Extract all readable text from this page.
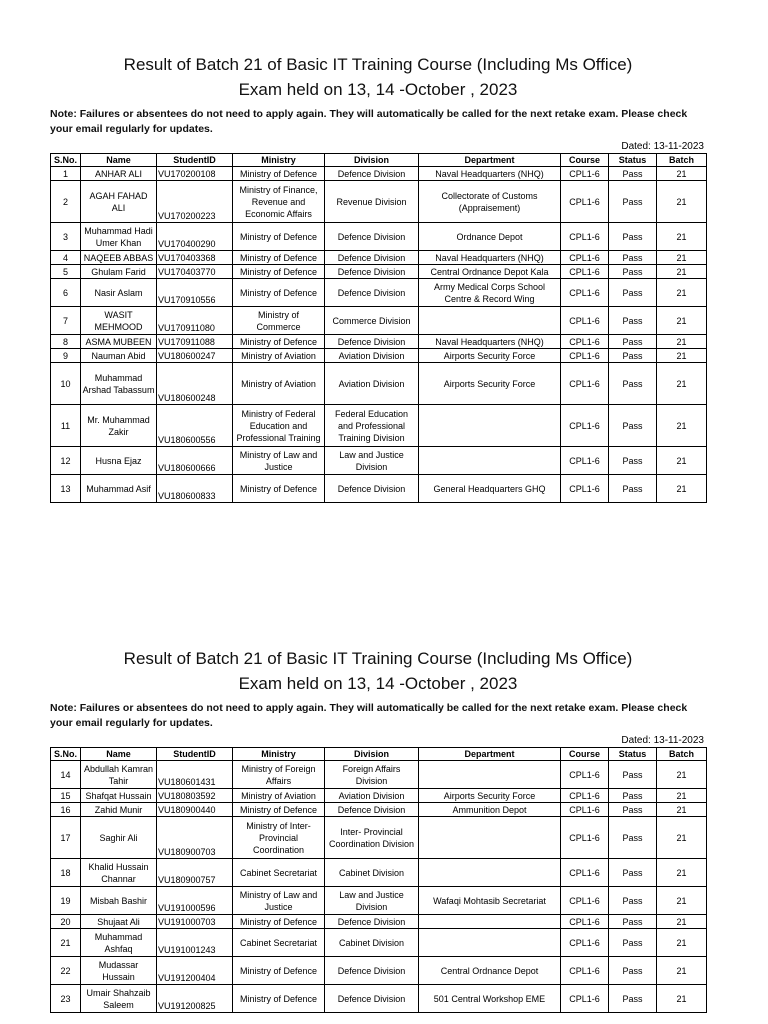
Result of Batch 21 of Basic IT Training Course (Including Ms Office)
Exam held on 13, 14 -October , 2023
Note: Failures or absentees do not need to apply again. They will automatically be called for the next retake exam. Please check your email regularly for updates.
Dated: 13-11-2023
S.No.	Name	StudentID	Ministry	Division	Department	Course	Status	Batch
1	ANHAR ALI	VU170200108	Ministry of Defence	Defence Division	Naval Headquarters (NHQ)	CPL1-6	Pass	21
2	AGAH FAHAD ALI	VU170200223	Ministry of Finance, Revenue and Economic Affairs	Revenue Division	Collectorate of Customs (Appraisement)	CPL1-6	Pass	21
3	Muhammad Hadi Umer Khan	VU170400290	Ministry of Defence	Defence Division	Ordnance Depot	CPL1-6	Pass	21
4	NAQEEB ABBAS	VU170403368	Ministry of Defence	Defence Division	Naval Headquarters (NHQ)	CPL1-6	Pass	21
5	Ghulam Farid	VU170403770	Ministry of Defence	Defence Division	Central Ordnance Depot Kala	CPL1-6	Pass	21
6	Nasir Aslam	VU170910556	Ministry of Defence	Defence Division	Army Medical Corps School Centre & Record Wing	CPL1-6	Pass	21
7	WASIT MEHMOOD	VU170911080	Ministry of Commerce	Commerce Division		CPL1-6	Pass	21
8	ASMA MUBEEN	VU170911088	Ministry of Defence	Defence Division	Naval Headquarters (NHQ)	CPL1-6	Pass	21
9	Nauman Abid	VU180600247	Ministry of Aviation	Aviation Division	Airports Security Force	CPL1-6	Pass	21
10	Muhammad Arshad Tabassum	VU180600248	Ministry of Aviation	Aviation Division	Airports Security Force	CPL1-6	Pass	21
11	Mr. Muhammad Zakir	VU180600556	Ministry of Federal Education and Professional Training	Federal Education and Professional Training Division		CPL1-6	Pass	21
12	Husna Ejaz	VU180600666	Ministry of Law and Justice	Law and Justice Division		CPL1-6	Pass	21
13	Muhammad Asif	VU180600833	Ministry of Defence	Defence Division	General Headquarters GHQ	CPL1-6	Pass	21
Result of Batch 21 of Basic IT Training Course (Including Ms Office)
Exam held on 13, 14 -October , 2023
Note: Failures or absentees do not need to apply again. They will automatically be called for the next retake exam. Please check your email regularly for updates.
Dated: 13-11-2023
S.No.	Name	StudentID	Ministry	Division	Department	Course	Status	Batch
14	Abdullah Kamran Tahir	VU180601431	Ministry of Foreign Affairs	Foreign Affairs Division		CPL1-6	Pass	21
15	Shafqat Hussain	VU180803592	Ministry of Aviation	Aviation Division	Airports Security Force	CPL1-6	Pass	21
16	Zahid Munir	VU180900440	Ministry of Defence	Defence Division	Ammunition Depot	CPL1-6	Pass	21
17	Saghir Ali	VU180900703	Ministry of Inter-Provincial Coordination	Inter- Provincial Coordination Division		CPL1-6	Pass	21
18	Khalid Hussain Channar	VU180900757	Cabinet Secretariat	Cabinet Division		CPL1-6	Pass	21
19	Misbah Bashir	VU191000596	Ministry of Law and Justice	Law and Justice Division	Wafaqi Mohtasib Secretariat	CPL1-6	Pass	21
20	Shujaat Ali	VU191000703	Ministry of Defence	Defence Division		CPL1-6	Pass	21
21	Muhammad Ashfaq	VU191001243	Cabinet Secretariat	Cabinet Division		CPL1-6	Pass	21
22	Mudassar Hussain	VU191200404	Ministry of Defence	Defence Division	Central Ordnance Depot	CPL1-6	Pass	21
23	Umair Shahzaib Saleem	VU191200825	Ministry of Defence	Defence Division	501 Central Workshop EME	CPL1-6	Pass	21
